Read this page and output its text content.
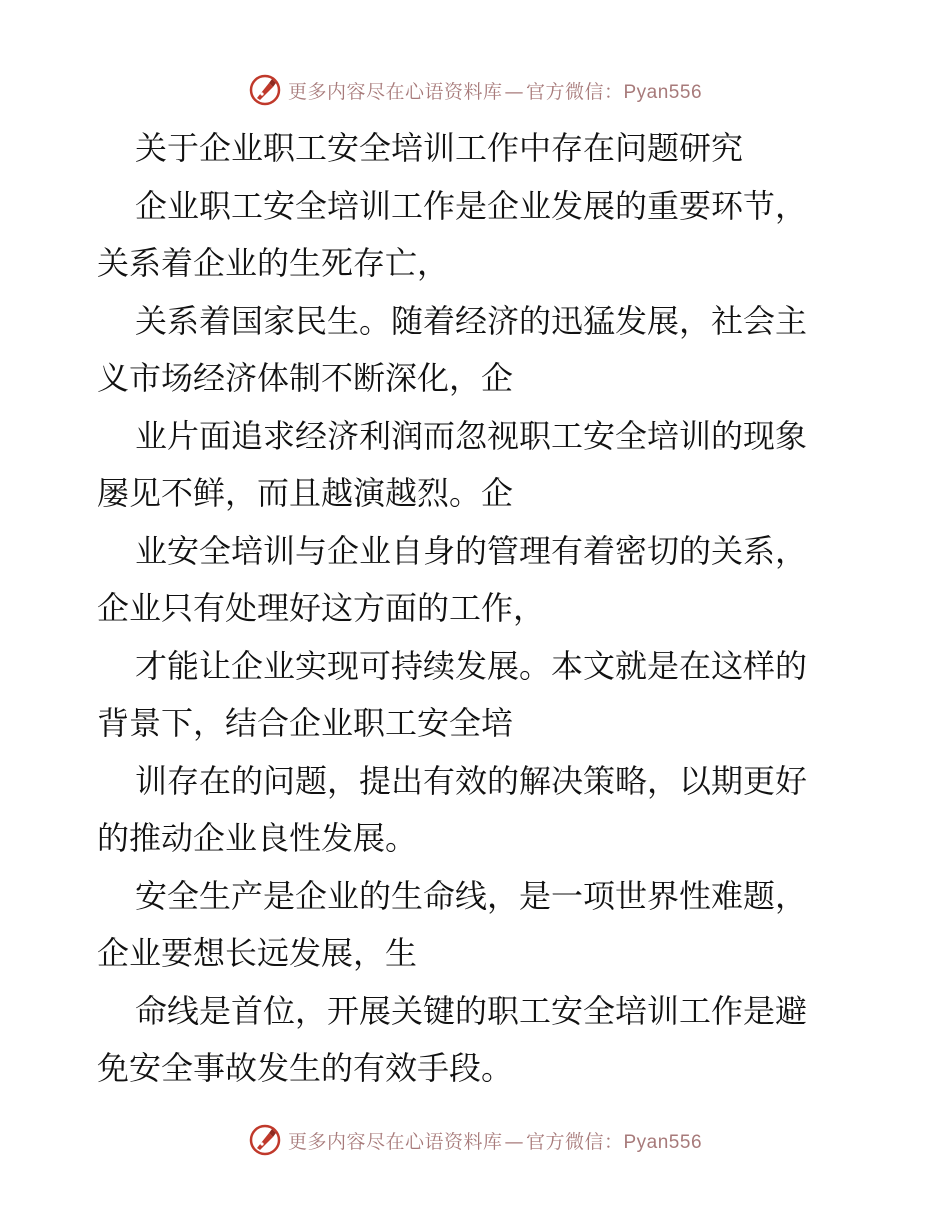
更多内容尽在心语资料库 — 官方微信：Pyan556
关于企业职工安全培训工作中存在问题研究
企业职工安全培训工作是企业发展的重要环节，
关系着企业的生死存亡，
关系着国家民生。随着经济的迅猛发展，社会主
义市场经济体制不断深化，企
业片面追求经济利润而忽视职工安全培训的现象
屡见不鲜，而且越演越烈。企
业安全培训与企业自身的管理有着密切的关系，
企业只有处理好这方面的工作，
才能让企业实现可持续发展。本文就是在这样的
背景下，结合企业职工安全培
训存在的问题，提出有效的解决策略，以期更好
的推动企业良性发展。
安全生产是企业的生命线，是一项世界性难题，
企业要想长远发展，生
命线是首位，开展关键的职工安全培训工作是避
免安全事故发生的有效手段。
更多内容尽在心语资料库 — 官方微信：Pyan556
